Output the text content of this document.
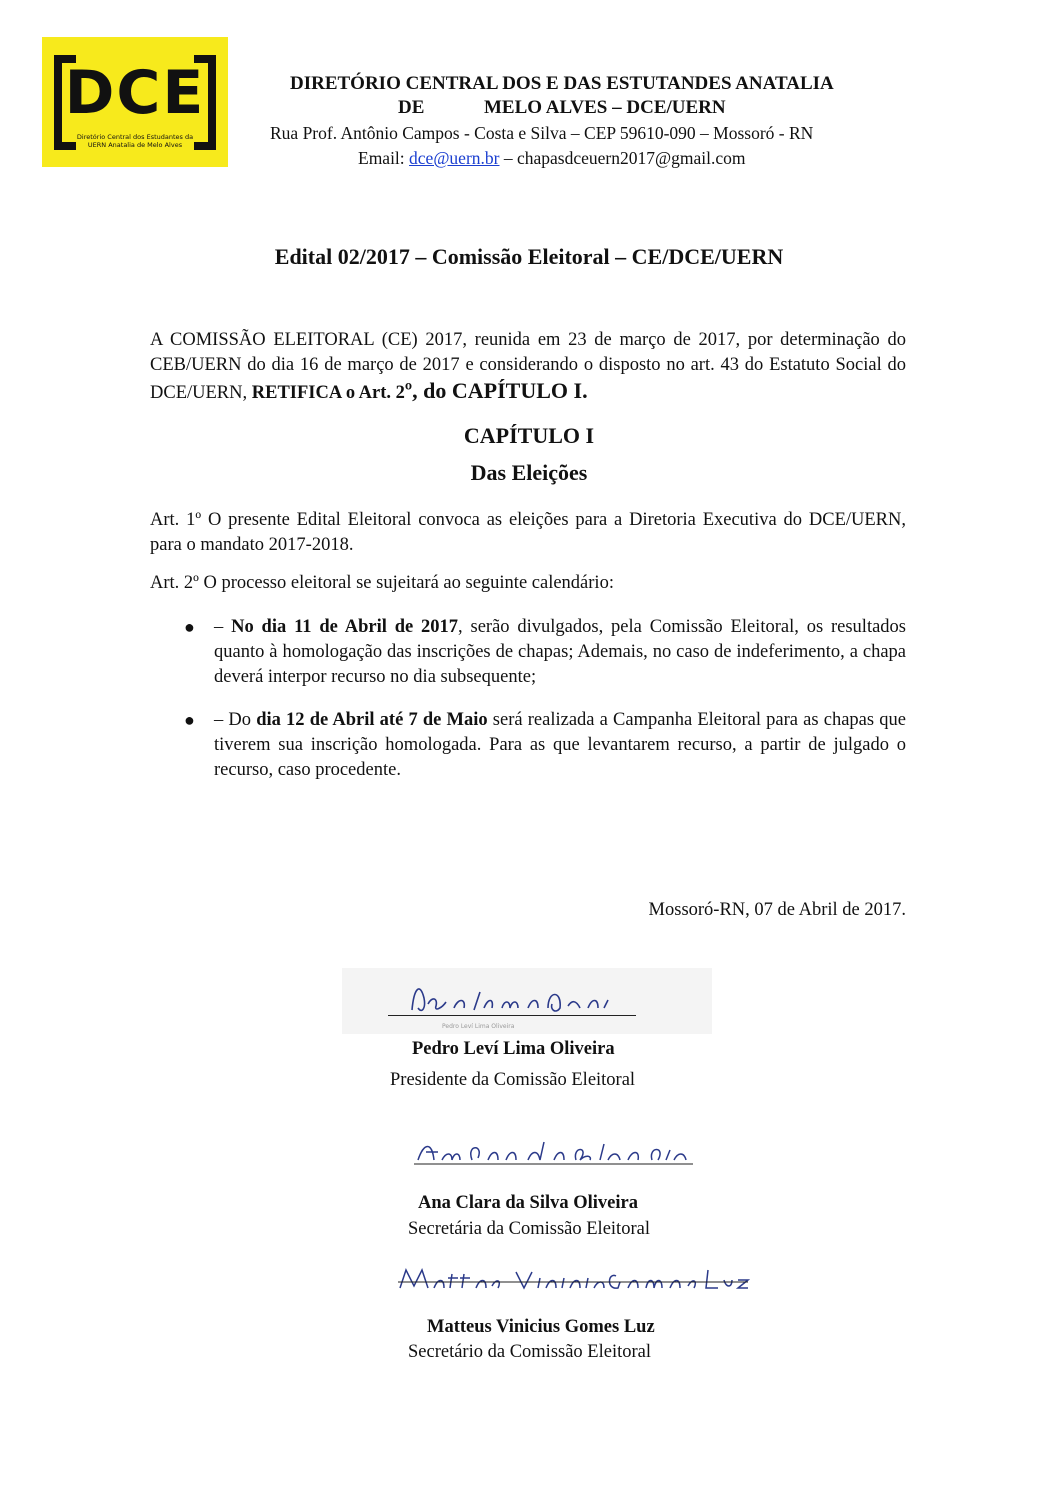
DCE
Diretório Central dos Estudantes da UERN Anatalia de Melo Alves
DIRETÓRIO CENTRAL DOS E DAS ESTUTANDES ANATALIA
DE	MELO ALVES – DCE/UERN
Rua Prof. Antônio Campos - Costa e Silva – CEP 59610-090 – Mossoró - RN
Email: dce@uern.br – chapasdceuern2017@gmail.com
Edital 02/2017 – Comissão Eleitoral – CE/DCE/UERN
A COMISSÃO ELEITORAL (CE) 2017, reunida em 23 de março de 2017, por determinação do CEB/UERN do dia 16 de março de 2017 e considerando o disposto no art. 43 do Estatuto Social do DCE/UERN, RETIFICA o Art. 2º, do CAPÍTULO I.
CAPÍTULO I
Das Eleições
Art. 1º O presente Edital Eleitoral convoca as eleições para a Diretoria Executiva do DCE/UERN, para o mandato 2017-2018.
Art. 2º O processo eleitoral se sujeitará ao seguinte calendário:
● – No dia 11 de Abril de 2017, serão divulgados, pela Comissão Eleitoral, os resultados quanto à homologação das inscrições de chapas; Ademais, no caso de indeferimento, a chapa deverá interpor recurso no dia subsequente;
● – Do dia 12 de Abril até 7 de Maio será realizada a Campanha Eleitoral para as chapas que tiverem sua inscrição homologada. Para as que levantarem recurso, a partir de julgado o recurso, caso procedente.
Mossoró-RN, 07 de Abril de 2017.
Pedro Leví Lima Oliveira
Pedro Leví Lima Oliveira
Presidente da Comissão Eleitoral
Ana Clara da Silva Oliveira
Secretária da Comissão Eleitoral
Matteus Vinicius Gomes Luz
Secretário da Comissão Eleitoral
